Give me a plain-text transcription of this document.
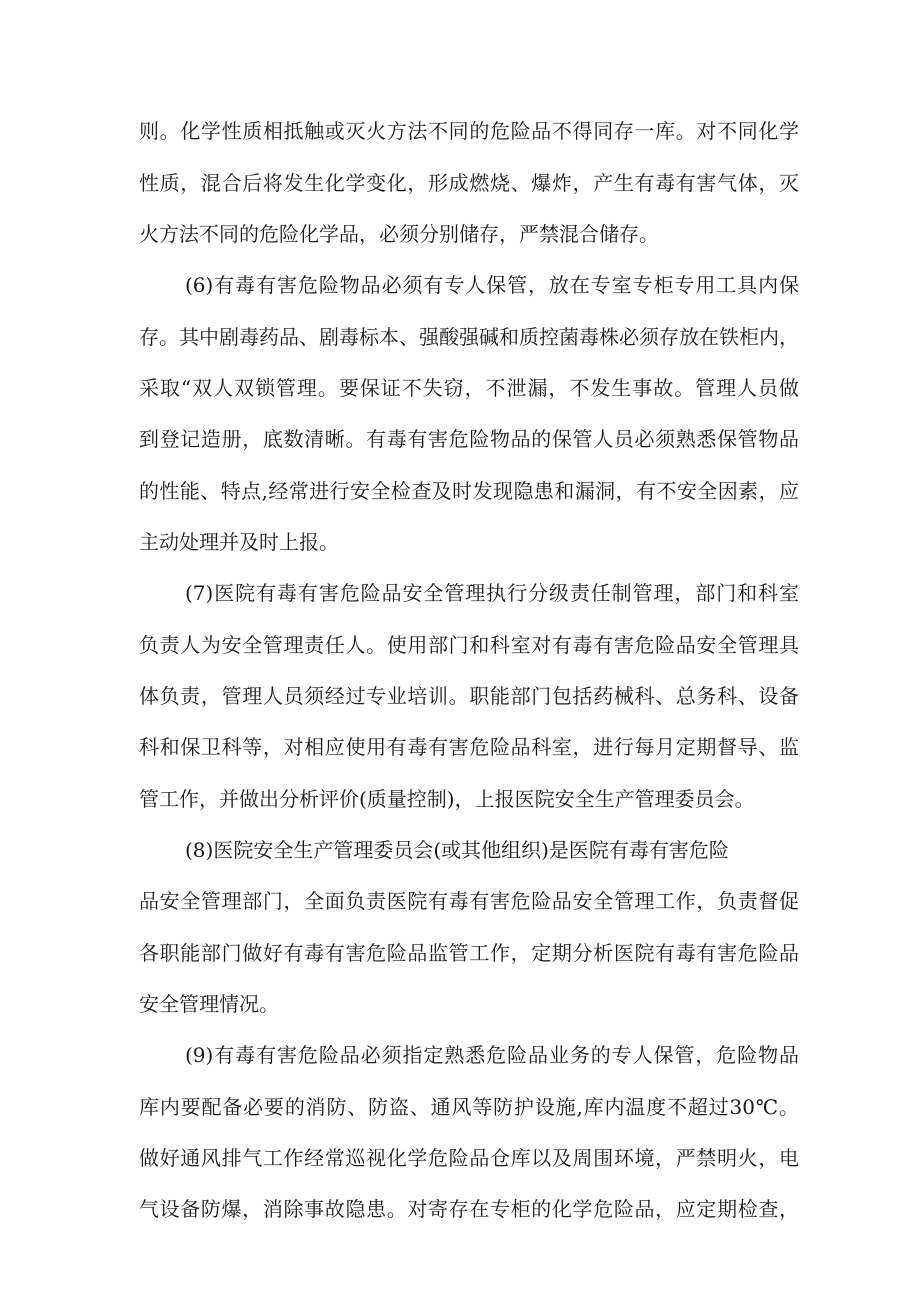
则。化学性质相抵触或灭火方法不同的危险品不得同存一库。对不同化学

性质，混合后将发生化学变化，形成燃烧、爆炸，产生有毒有害气体，灭

火方法不同的危险化学品，必须分别储存，严禁混合储存。

(6)有毒有害危险物品必须有专人保管，放在专室专柜专用工具内保

存。其中剧毒药品、剧毒标本、强酸强碱和质控菌毒株必须存放在铁柜内，

采取“双人双锁管理。要保证不失窃，不泄漏，不发生事故。管理人员做

到登记造册，底数清晰。有毒有害危险物品的保管人员必须熟悉保管物品

的性能、特点,经常进行安全检查及时发现隐患和漏洞，有不安全因素，应

主动处理并及时上报。

(7)医院有毒有害危险品安全管理执行分级责任制管理，部门和科室

负责人为安全管理责任人。使用部门和科室对有毒有害危险品安全管理具

体负责，管理人员须经过专业培训。职能部门包括药械科、总务科、设备

科和保卫科等，对相应使用有毒有害危险品科室，进行每月定期督导、监

管工作，并做出分析评价(质量控制)，上报医院安全生产管理委员会。

(8)医院安全生产管理委员会(或其他组织)是医院有毒有害危险

品安全管理部门，全面负责医院有毒有害危险品安全管理工作，负责督促

各职能部门做好有毒有害危险品监管工作，定期分析医院有毒有害危险品

安全管理情况。

(9)有毒有害危险品必须指定熟悉危险品业务的专人保管，危险物品

库内要配备必要的消防、防盗、通风等防护设施,库内温度不超过30℃。

做好通风排气工作经常巡视化学危险品仓库以及周围环境，严禁明火，电

气设备防爆，消除事故隐患。对寄存在专柜的化学危险品，应定期检查，
